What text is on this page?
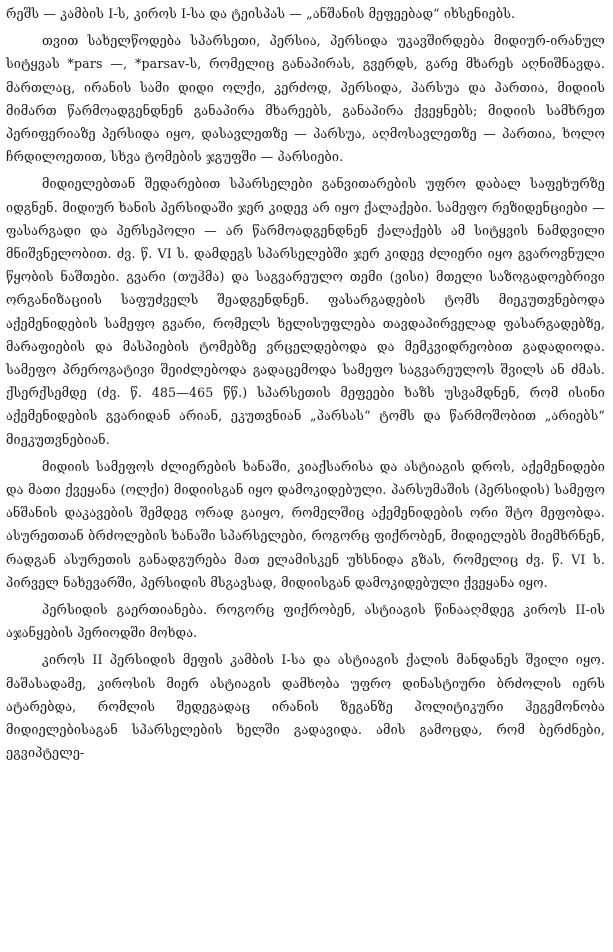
რეშს — კამბის I-ს, კიროს I-სა და ტეისპას — „ანშანის მეფეებად“ იხსენიებს.

თვით სახელწოდება სპარსეთი, პერსია, პერსიდა უკავშირდება მიდიურ-ირანულ სიტყვას *pars —, *parsav-ს, რომელიც განაპირას, გვერდს, გარე მხარეს აღნიშნავდა. მართლაც, ირანის სამი დიდი ოლქი, კერძოდ, პერსიდა, პარსუა და პართია, მიდიის მიმართ წარმოადგენდნენ განაპირა მხარეებს, განაპირა ქვეყნებს; მიდიის სამხრეთ პერიფერიაზე პერსიდა იყო, დასავლეთზე — პარსუა, აღმოსავლეთზე — პართია, ხოლო ჩრდილოეთით, სხვა ტომების ჯგუფში — პარსიები.

მიდიელებთან შედარებით სპარსელები განვითარების უფრო დაბალ საფეხურზე იდგნენ. მიდიურ ხანის პერსიდაში ჯერ კიდევ არ იყო ქალაქები. სამეფო რეზიდენციები — ფასარგადი და პერსეპოლი — არ წარმოადგენდნენ ქალაქებს ამ სიტყვის ნამდვილი მნიშვნელობით. ძვ. წ. VI ს. დამდეგს სპარსელებში ჯერ კიდევ ძლიერი იყო გვაროვნული წყობის ნაშთები. გვარი (თუჰმა) და საგვარეულო თემი (ვისი) მთელი საზოგადოებრივი ორგანიზაციის საფუძველს შეადგენდნენ. ფასარგადების ტომს მიეკუთვნებოდა აქემენიდების სამეფო გვარი, რომელს ხელისუფლება თავდაპირველად ფასარგადებზე, მარაფიების და მასპიების ტომებზე ვრცელდებოდა და მემკვიდრეობით გადადიოდა. სამეფო პრეროგატივი შეიძლებოდა გადაცემოდა სამეფო საგვარეულოს შვილს ან ძმას. ქსერქსემდე (ძვ. წ. 485—465 წწ.) სპარსეთის მეფეები ხაზს უსვამდნენ, რომ ისინი აქემენიდების გვარიდან არიან, ეკუთვნიან „პარსას“ ტომს და წარმოშობით „არიებს“ მიეკუთვნებიან.

მიდიის სამეფოს ძლიერების ხანაში, კიაქსარისა და ასტიაგის დროს, აქემენიდები და მათი ქვეყანა (ოლქი) მიდიისგან იყო დამოკიდებული. პარსუმაშის (პერსიდის) სამეფო ანშანის დაკავების შემდეგ ორად გაიყო, რომელშიც აქემენიდების ორი შტო მეფობდა. ასურეთთან ბრძოლების ხანაში სპარსელები, როგორც ფიქრობენ, მიდიელებს მიემხრნენ, რადგან ასურეთის განადგურება მათ ელამისკენ უხსნიდა გზას, რომელიც ძვ. წ. VI ს. პირველ ნახევარში, პერსიდის მსგავსად, მიდიისგან დამოკიდებული ქვეყანა იყო.

პერსიდის გაერთიანება. როგორც ფიქრობენ, ასტიაგის წინააღმდეგ კიროს II-ის აჯანყების პერიოდში მოხდა.

კიროს II პერსიდის მეფის კამბის I-სა და ასტიაგის ქალის მანდანეს შვილი იყო. მაშასადამე, კიროსის მიერ ასტიაგის დამხობა უფრო დინასტიური ბრძოლის იერს ატარებდა, რომლის შედეგადაც ირანის ზეგანზე პოლიტიკური ჰეგემონობა მიდიელებისაგან სპარსელების ხელში გადავიდა. ამის გამოცდა, რომ ბერძნები, ეგვიპტელე-
